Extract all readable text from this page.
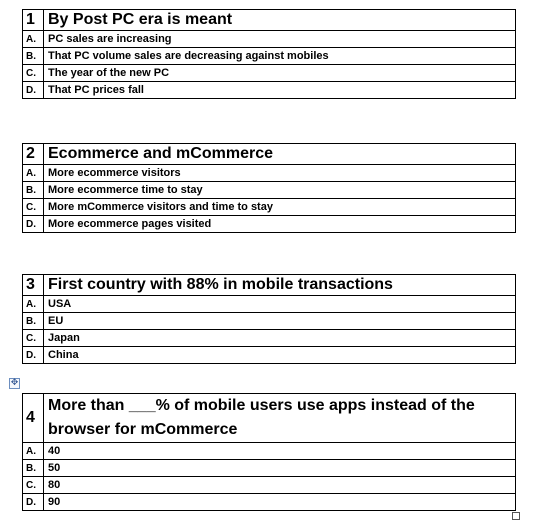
1	By Post PC era is meant
A.	PC sales are increasing
B.	That PC volume sales are decreasing against mobiles
C.	The year of the new PC
D.	That PC prices fall
2	Ecommerce and mCommerce
A.	More ecommerce visitors
B.	More ecommerce time to stay
C.	More mCommerce visitors and time to stay
D.	More ecommerce pages visited
3	First country with 88% in mobile transactions
A.	USA
B.	EU
C.	Japan
D.	China
✥
4	More than ___% of mobile users use apps instead of the browser for mCommerce
A.	40
B.	50
C.	80
D.	90
